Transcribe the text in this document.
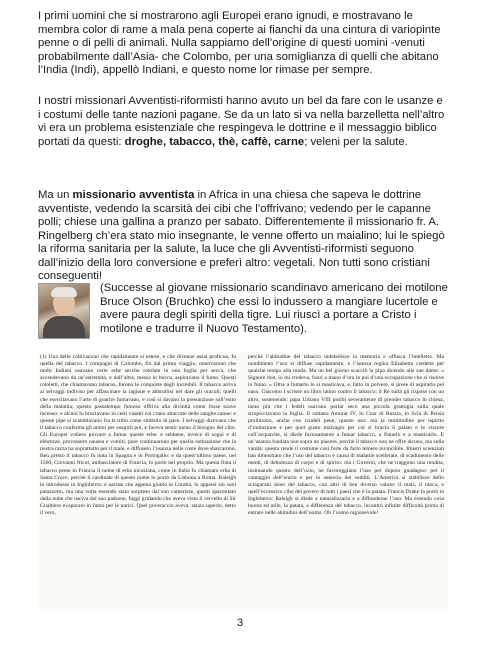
I primi uomini che si mostrarono agli Europei erano ignudi, e mostravano le membra color di rame a mala pena coperte ai fianchi da una cintura di variopinte penne o di pelli di animali. Nulla sappiamo dell’origine di questi uomini -venuti probabilmente dall’Asia- che Colombo, per una somiglianza di quelli che abitano l’India (Indi), appellò Indiani, e questo nome lor rimase per sempre.

I nostri missionari Avventisti-riformisti hanno avuto un bel da fare con le usanze e i costumi delle tante nazioni pagane. Se da un lato si va nella barzelletta nell’altro vi era un problema esistenziale che respingeva le dottrine e il messaggio biblico portati da questi: droghe, tabacco, thè, caffè, carne; veleni per la salute.

Ma un missionario avventista in Africa in una chiesa che sapeva le dottrine avventiste, vedendo la scarsità dei cibi che l’offrivano; vedendo per le capanne polli; chiese una gallina a pranzo per sabato. Differentemente il missionario fr. A. Ringelberg ch’era stato mio insegnante, le venne offerto un maialino; lui le spiegò la riforma sanitaria per la salute, la luce che gli Avventisti-riformisti seguono dall’inizio della loro conversione e preferì altro: vegetali. Non tutti sono cristiani conseguenti!

(Successe al giovane missionario scandinavo americano dei motilone Bruce Olson (Bruchko) che essi lo indussero a mangiare lucertole e avere paura degli spiriti della tigre. Lui riuscì a portare a Cristo i motilone e tradurre il Nuovo Testamento).

(1) Una delle coltivazioni che rapidamente si estese, e che divenne assai proficua, fu quella del tabacco. I compagni di Colombo, fin dal primo viaggio, osservarono che molti Indiani usavano certe erbe secche rotolate in una foglia per secca, che accendevano da un’estremità, e dall’altra, messa in bocca, aspiravano il fumo. Questi rotoletti, che chiamavano tabacos, furono le conquiste degli increduli. Il tabacco arriva ai selvaggi indiviso per affascinare la ragione e abbrutirsi nel dare gli oracoli; quelli che esercitavano l’arte di guarire fumavano, e così si davano la presunzione sull’esito della malattia; questo passatempo fumoso offriva alla divinità come fosse soave incenso: e alcuni lo bruciavano in certi vasetti coi crano attaccate delle sanghe canne: e queste pipe si scambiavano fra le tribù come simbolo di pace. I selvaggi dicevano che il tabacco conferma gli animi per sospirli poi, e faceva sentir meno il bisogno del cibo. Gli Europei vollero provare a fumar queste erbe: e sebbene, invece di sogni e di ebbrezze, provassero nausea e vomiti, pure continuarono per quella ostinazione che la nostra razza ha soprattutto per il male, e diffusero l’usanza nelle coste dove sbarcarono. Ben presto il tabacco fu nota in Spagna e in Portogallo: e da quest’ultimo paese, nel 1560, Giovanni Nicot, ambasciatore di Francia, lo portò nel proprio. Ma questa finta il tabacco prese in Francia il nome di erba nicoziana, come in Italia fu chiamato erba di Santa Croce, perchè il cardinale di questo nome lo portò da Lisbona a Roma. Raleigh lo introdusse in Inghilterra: e narrasi che appena giunto in Londra, lo appresi suì suoi palazzetto, ma una volta essendo stato sorpreso dal suo cameriere, questi spaventato dalla nube che usciva dal suo padrone, fuggì gridando che aveva visto il cervello di Sir Gualtiero evaporare in fumo per le narici. Quel poveraccio aveva, senza saperlo, detto il vero,

perchè l’abitudine del tabacco indebolisce la memoria e offusca l’intelletto. Ma nondimeno l’uso si diffuse rapidamente, e l’istessa regina Elisabetta credette per qualche tempo alla moda. Ma un bel giorno scacciò la pipa dicendo alle sue dame: « Signore mie, io mi credeva, fuori a mano d’ora in poi d’una occupazione che si risolve in fumo. » Oltre a fumarlo lo si masticava, e, fatto in polvere, si prese di aspirarlo pel naso. Giacomo I scrisse un libro latino contro il tabacco; il Re sultà gli rispose con un altro, sostenendo: papa Urbano VIII proibì severamente di prender tabacco in chiesa, tanto più che i fedeli usavano portar seco una piccola grattugia sulla quale stropicciavano la foglia. Il sultano Amurat IV, lo Czar di Russia, lo Scià di Persia proibirono, anche con crudeli pene, questo uso: ma la moltitudine per ispirito d’imitazione e per quel gusto malvagio per cui si brucia il palato e le viscere coll’acquavite, si diede furiosamente a fumar tabacco, a fiutarlo e a masticarlo. E un’usanza fondata non sopra un piacere, perchè il tabacco non ne offre alcuno, ma sulla vanità: questa rende il costume così forte da farlo temere invincibile. Illustri scienziati han dimostrato che l’uso del tabacco è causa di malattie scellerate, di scadimento delle menti, di debolezza di corpo e di spirito: ma i Governi, che ne traggono una rendita, insinuando questo dell’ozio, ne favoreggiano l’uso per dopoio guadagno: per il vantaggio dell’erario e per lo smercio dei sudditi. L’America si stabilisce dello sciagurato dono del tabacco, con altri di ben diverso valore: il mais, il moca, e quell’eccessivo cibo del povero di tutti i paesi che è la patata. Francis Drake la portò in Inghilterra: Raleigh si diede a naturalizzarla e a diffonderne l’uso. Ma essendo cosa buona ed utile, la patata, a differenza del tabacco, incontrò infinite difficoltà prima di entrare nelle abitudini dell’uomo. Oh l’uomo ragionevole!

3
